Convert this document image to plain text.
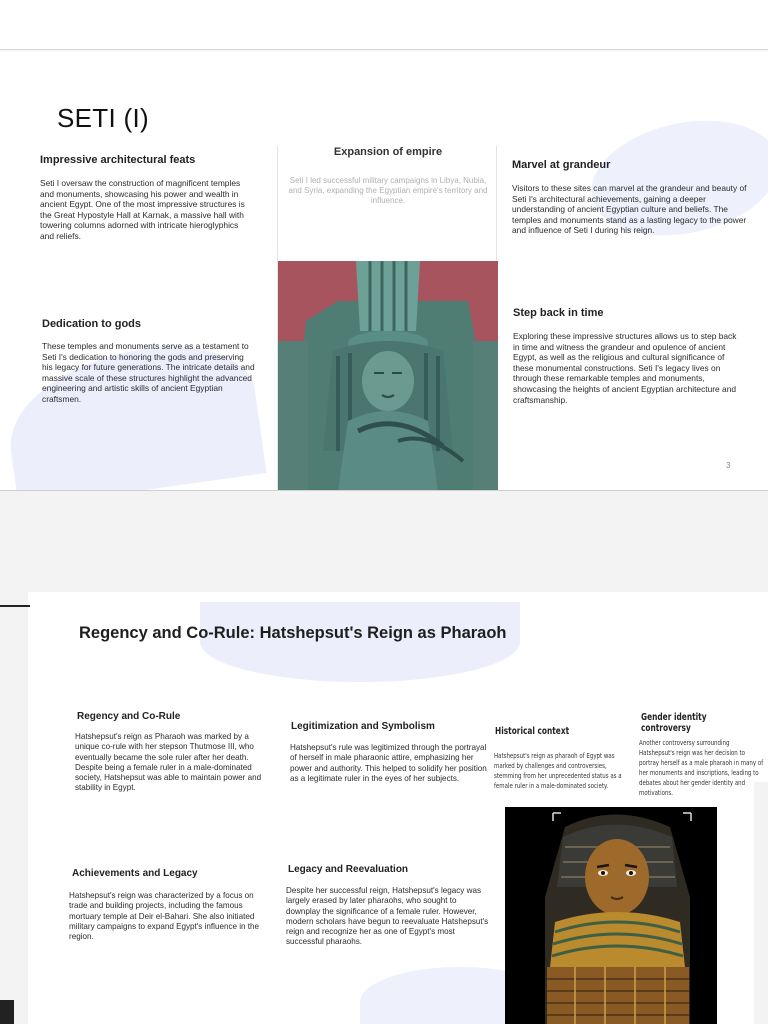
SETI (I)
Impressive architectural feats

Seti I oversaw the construction of magnificent temples and monuments, showcasing his power and wealth in ancient Egypt. One of the most impressive structures is the Great Hypostyle Hall at Karnak, a massive hall with towering columns adorned with intricate hieroglyphics and reliefs.

Dedication to gods

These temples and monuments serve as a testament to Seti I's dedication to honoring the gods and preserving his legacy for future generations. The intricate details and massive scale of these structures highlight the advanced engineering and artistic skills of ancient Egyptian craftsmen.

Expansion of empire

Seti I led successful military campaigns in Libya, Nubia, and Syria, expanding the Egyptian empire's territory and influence.

Marvel at grandeur

Visitors to these sites can marvel at the grandeur and beauty of Seti I's architectural achievements, gaining a deeper understanding of ancient Egyptian culture and beliefs. The temples and monuments stand as a lasting legacy to the power and influence of Seti I during his reign.

Step back in time

Exploring these impressive structures allows us to step back in time and witness the grandeur and opulence of ancient Egypt, as well as the religious and cultural significance of these monumental constructions. Seti I's legacy lives on through these remarkable temples and monuments, showcasing the heights of ancient Egyptian architecture and craftsmanship.

3
Regency and Co-Rule: Hatshepsut's Reign as Pharaoh
Regency and Co-Rule

Hatshepsut's reign as Pharaoh was marked by a unique co-rule with her stepson Thutmose III, who eventually became the sole ruler after her death. Despite being a female ruler in a male-dominated society, Hatshepsut was able to maintain power and stability in Egypt.

Legitimization and Symbolism

Hatshepsut's rule was legitimized through the portrayal of herself in male pharaonic attire, emphasizing her power and authority. This helped to solidify her position as a legitimate ruler in the eyes of her subjects.

Achievements and Legacy

Hatshepsut's reign was characterized by a focus on trade and building projects, including the famous mortuary temple at Deir el-Bahari. She also initiated military campaigns to expand Egypt's influence in the region.

Legacy and Reevaluation

Despite her successful reign, Hatshepsut's legacy was largely erased by later pharaohs, who sought to downplay the significance of a female ruler. However, modern scholars have begun to reevaluate Hatshepsut's reign and recognize her as one of Egypt's most successful pharaohs.

Historical context

Hatshepsut's reign as pharaoh of Egypt was marked by challenges and controversies, stemming from her unprecedented status as a female ruler in a male-dominated society.

Gender identity controversy

Another controversy surrounding Hatshepsut's reign was her decision to portray herself as a male pharaoh in many of her monuments and inscriptions, leading to debates about her gender identity and motivations.
